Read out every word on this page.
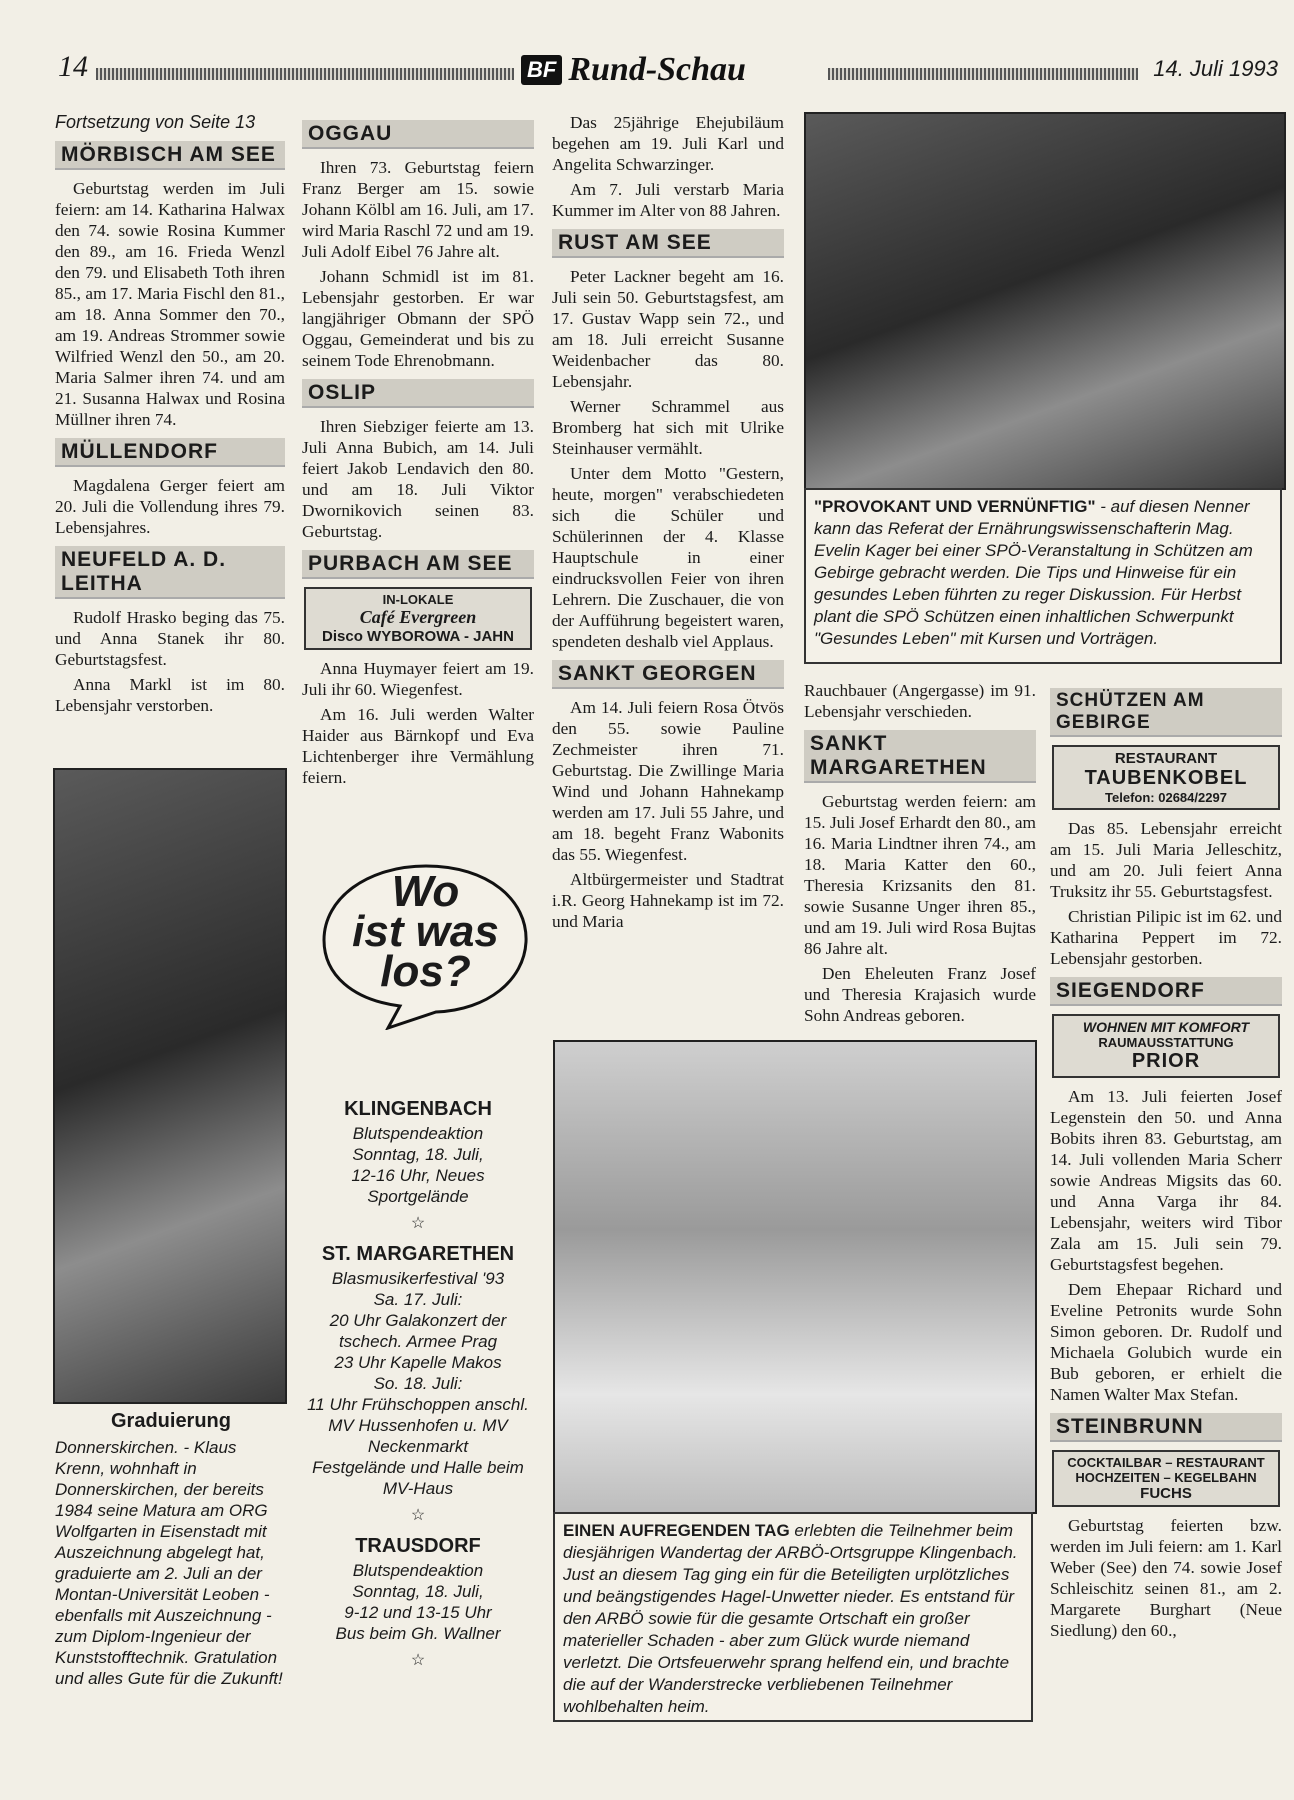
14	BF Rund-Schau	14. Juli 1993
Fortsetzung von Seite 13
MÖRBISCH AM SEE

Geburtstag werden im Juli feiern: am 14. Katharina Halwax den 74. sowie Rosina Kummer den 89., am 16. Frieda Wenzl den 79. und Elisabeth Toth ihren 85., am 17. Maria Fischl den 81., am 18. Anna Sommer den 70., am 19. Andreas Strommer sowie Wilfried Wenzl den 50., am 20. Maria Salmer ihren 74. und am 21. Susanna Halwax und Rosina Müllner ihren 74.

MÜLLENDORF

Magdalena Gerger feiert am 20. Juli die Vollendung ihres 79. Lebensjahres.

NEUFELD A. D. LEITHA

Rudolf Hrasko beging das 75. und Anna Stanek ihr 80. Geburtstagsfest.

Anna Markl ist im 80. Lebensjahr verstorben.

Graduierung

Donnerskirchen. - Klaus Krenn, wohnhaft in Donnerskirchen, der bereits 1984 seine Matura am ORG Wolfgarten in Eisenstadt mit Auszeichnung abgelegt hat, graduierte am 2. Juli an der Montan-Universität Leoben - ebenfalls mit Auszeichnung - zum Diplom-Ingenieur der Kunststofftechnik. Gratulation und alles Gute für die Zukunft!

OGGAU

Ihren 73. Geburtstag feiern Franz Berger am 15. sowie Johann Kölbl am 16. Juli, am 17. wird Maria Raschl 72 und am 19. Juli Adolf Eibel 76 Jahre alt.

Johann Schmidl ist im 81. Lebensjahr gestorben. Er war langjähriger Obmann der SPÖ Oggau, Gemeinderat und bis zu seinem Tode Ehrenobmann.

OSLIP

Ihren Siebziger feierte am 13. Juli Anna Bubich, am 14. Juli feiert Jakob Lendavich den 80. und am 18. Juli Viktor Dwornikovich seinen 83. Geburtstag.

PURBACH AM SEE
IN-LOKALE
Café Evergreen
Disco WYBOROWA - JAHN

Anna Huymayer feiert am 19. Juli ihr 60. Wiegenfest.

Am 16. Juli werden Walter Haider aus Bärnkopf und Eva Lichtenberger ihre Vermählung feiern.

Wo
ist was
los?
KLINGENBACH
Blutspendeaktion
Sonntag, 18. Juli,
12-16 Uhr, Neues Sportgelände
☆
ST. MARGARETHEN
Blasmusikerfestival '93
Sa. 17. Juli:
20 Uhr Galakonzert der tschech. Armee Prag
23 Uhr Kapelle Makos
So. 18. Juli:
11 Uhr Frühschoppen anschl. MV Hussenhofen u. MV Neckenmarkt
Festgelände und Halle beim MV-Haus
☆
TRAUSDORF
Blutspendeaktion
Sonntag, 18. Juli,
9-12 und 13-15 Uhr
Bus beim Gh. Wallner
☆

Das 25jährige Ehejubiläum begehen am 19. Juli Karl und Angelita Schwarzinger.

Am 7. Juli verstarb Maria Kummer im Alter von 88 Jahren.

RUST AM SEE

Peter Lackner begeht am 16. Juli sein 50. Geburtstagsfest, am 17. Gustav Wapp sein 72., und am 18. Juli erreicht Susanne Weidenbacher das 80. Lebensjahr.

Werner Schrammel aus Bromberg hat sich mit Ulrike Steinhauser vermählt.

Unter dem Motto "Gestern, heute, morgen" verabschiedeten sich die Schüler und Schülerinnen der 4. Klasse Hauptschule in einer eindrucksvollen Feier von ihren Lehrern. Die Zuschauer, die von der Aufführung begeistert waren, spendeten deshalb viel Applaus.

SANKT GEORGEN

Am 14. Juli feiern Rosa Ötvös den 55. sowie Pauline Zechmeister ihren 71. Geburtstag. Die Zwillinge Maria Wind und Johann Hahnekamp werden am 17. Juli 55 Jahre, und am 18. begeht Franz Wabonits das 55. Wiegenfest.

Altbürgermeister und Stadtrat i.R. Georg Hahnekamp ist im 72. und Maria

"PROVOKANT UND VERNÜNFTIG" - auf diesen Nenner kann das Referat der Ernährungswissenschafterin Mag. Evelin Kager bei einer SPÖ-Veranstaltung in Schützen am Gebirge gebracht werden. Die Tips und Hinweise für ein gesundes Leben führten zu reger Diskussion. Für Herbst plant die SPÖ Schützen einen inhaltlichen Schwerpunkt "Gesundes Leben" mit Kursen und Vorträgen.

Rauchbauer (Angergasse) im 91. Lebensjahr verschieden.

SANKT MARGARETHEN

Geburtstag werden feiern: am 15. Juli Josef Erhardt den 80., am 16. Maria Lindtner ihren 74., am 18. Maria Katter den 60., Theresia Krizsanits den 81. sowie Susanne Unger ihren 85., und am 19. Juli wird Rosa Bujtas 86 Jahre alt.

Den Eheleuten Franz Josef und Theresia Krajasich wurde Sohn Andreas geboren.

EINEN AUFREGENDEN TAG erlebten die Teilnehmer beim diesjährigen Wandertag der ARBÖ-Ortsgruppe Klingenbach. Just an diesem Tag ging ein für die Beteiligten urplötzliches und beängstigendes Hagel-Unwetter nieder. Es entstand für den ARBÖ sowie für die gesamte Ortschaft ein großer materieller Schaden - aber zum Glück wurde niemand verletzt. Die Ortsfeuerwehr sprang helfend ein, und brachte die auf der Wanderstrecke verbliebenen Teilnehmer wohlbehalten heim.

SCHÜTZEN AM GEBIRGE
RESTAURANT
TAUBENKOBEL
Telefon: 02684/2297

Das 85. Lebensjahr erreicht am 15. Juli Maria Jelleschitz, und am 20. Juli feiert Anna Truksitz ihr 55. Geburtstagsfest.

Christian Pilipic ist im 62. und Katharina Peppert im 72. Lebensjahr gestorben.

SIEGENDORF
WOHNEN MIT KOMFORT
RAUMAUSSTATTUNG
PRIOR

Am 13. Juli feierten Josef Legenstein den 50. und Anna Bobits ihren 83. Geburtstag, am 14. Juli vollenden Maria Scherr sowie Andreas Migsits das 60. und Anna Varga ihr 84. Lebensjahr, weiters wird Tibor Zala am 15. Juli sein 79. Geburtstagsfest begehen.

Dem Ehepaar Richard und Eveline Petronits wurde Sohn Simon geboren. Dr. Rudolf und Michaela Golubich wurde ein Bub geboren, er erhielt die Namen Walter Max Stefan.

STEINBRUNN
COCKTAILBAR – RESTAURANT
HOCHZEITEN – KEGELBAHN
FUCHS

Geburtstag feierten bzw. werden im Juli feiern: am 1. Karl Weber (See) den 74. sowie Josef Schleischitz seinen 81., am 2. Margarete Burghart (Neue Siedlung) den 60.,
